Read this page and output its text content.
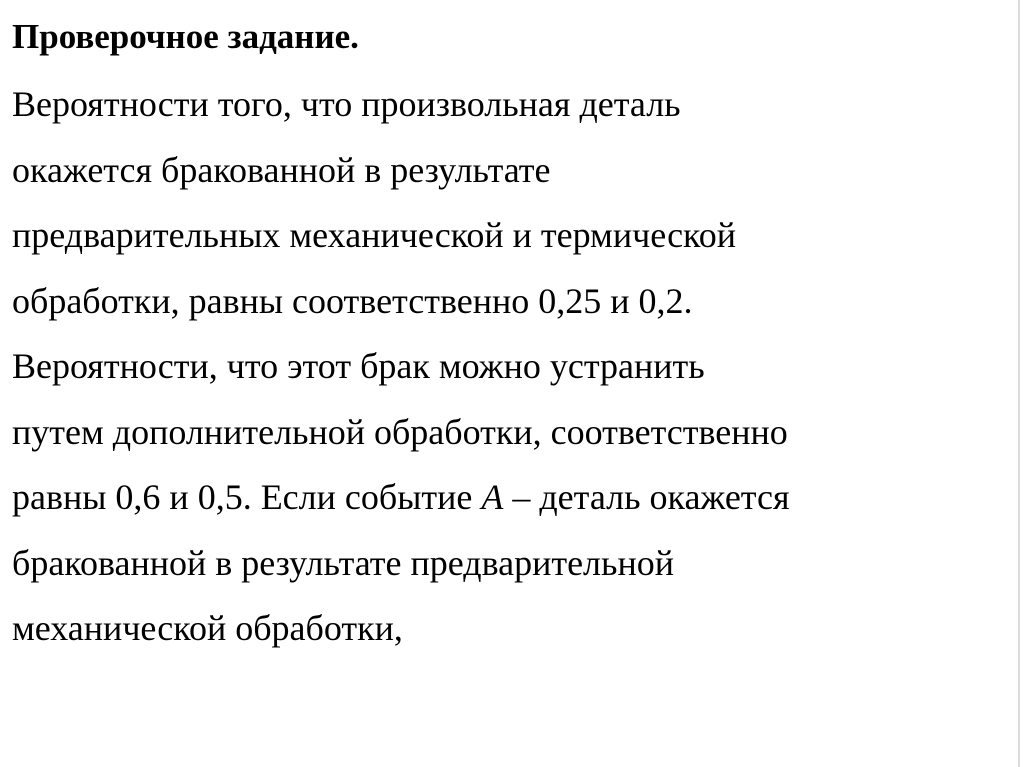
Проверочное задание.
Вероятности того, что произвольная деталь
окажется бракованной в результате
предварительных механической и термической
обработки, равны соответственно 0,25 и 0,2.
Вероятности, что этот брак можно устранить
путем дополнительной обработки, соответственно
равны 0,6 и 0,5. Если событие A – деталь окажется
бракованной в результате предварительной
механической обработки,
